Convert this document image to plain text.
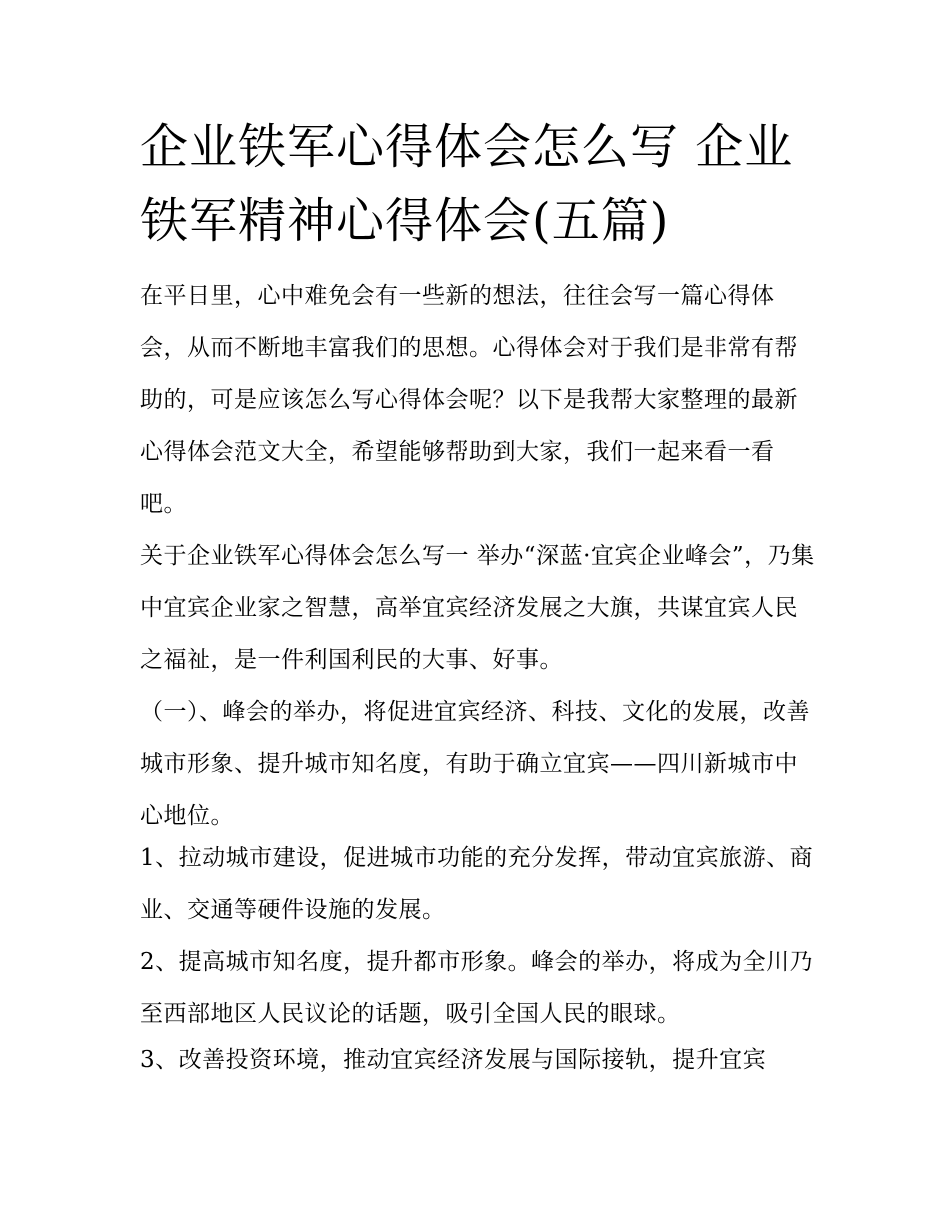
企业铁军心得体会怎么写 企业铁军精神心得体会(五篇)

在平日里，心中难免会有一些新的想法，往往会写一篇心得体会，从而不断地丰富我们的思想。心得体会对于我们是非常有帮助的，可是应该怎么写心得体会呢？以下是我帮大家整理的最新心得体会范文大全，希望能够帮助到大家，我们一起来看一看吧。

关于企业铁军心得体会怎么写一 举办“深蓝·宜宾企业峰会”，乃集中宜宾企业家之智慧，高举宜宾经济发展之大旗，共谋宜宾人民之福祉，是一件利国利民的大事、好事。

（一）、峰会的举办，将促进宜宾经济、科技、文化的发展，改善城市形象、提升城市知名度，有助于确立宜宾——四川新城市中心地位。

1、拉动城市建设，促进城市功能的充分发挥，带动宜宾旅游、商业、交通等硬件设施的发展。

2、提高城市知名度，提升都市形象。峰会的举办，将成为全川乃至西部地区人民议论的话题，吸引全国人民的眼球。

3、改善投资环境，推动宜宾经济发展与国际接轨，提升宜宾
